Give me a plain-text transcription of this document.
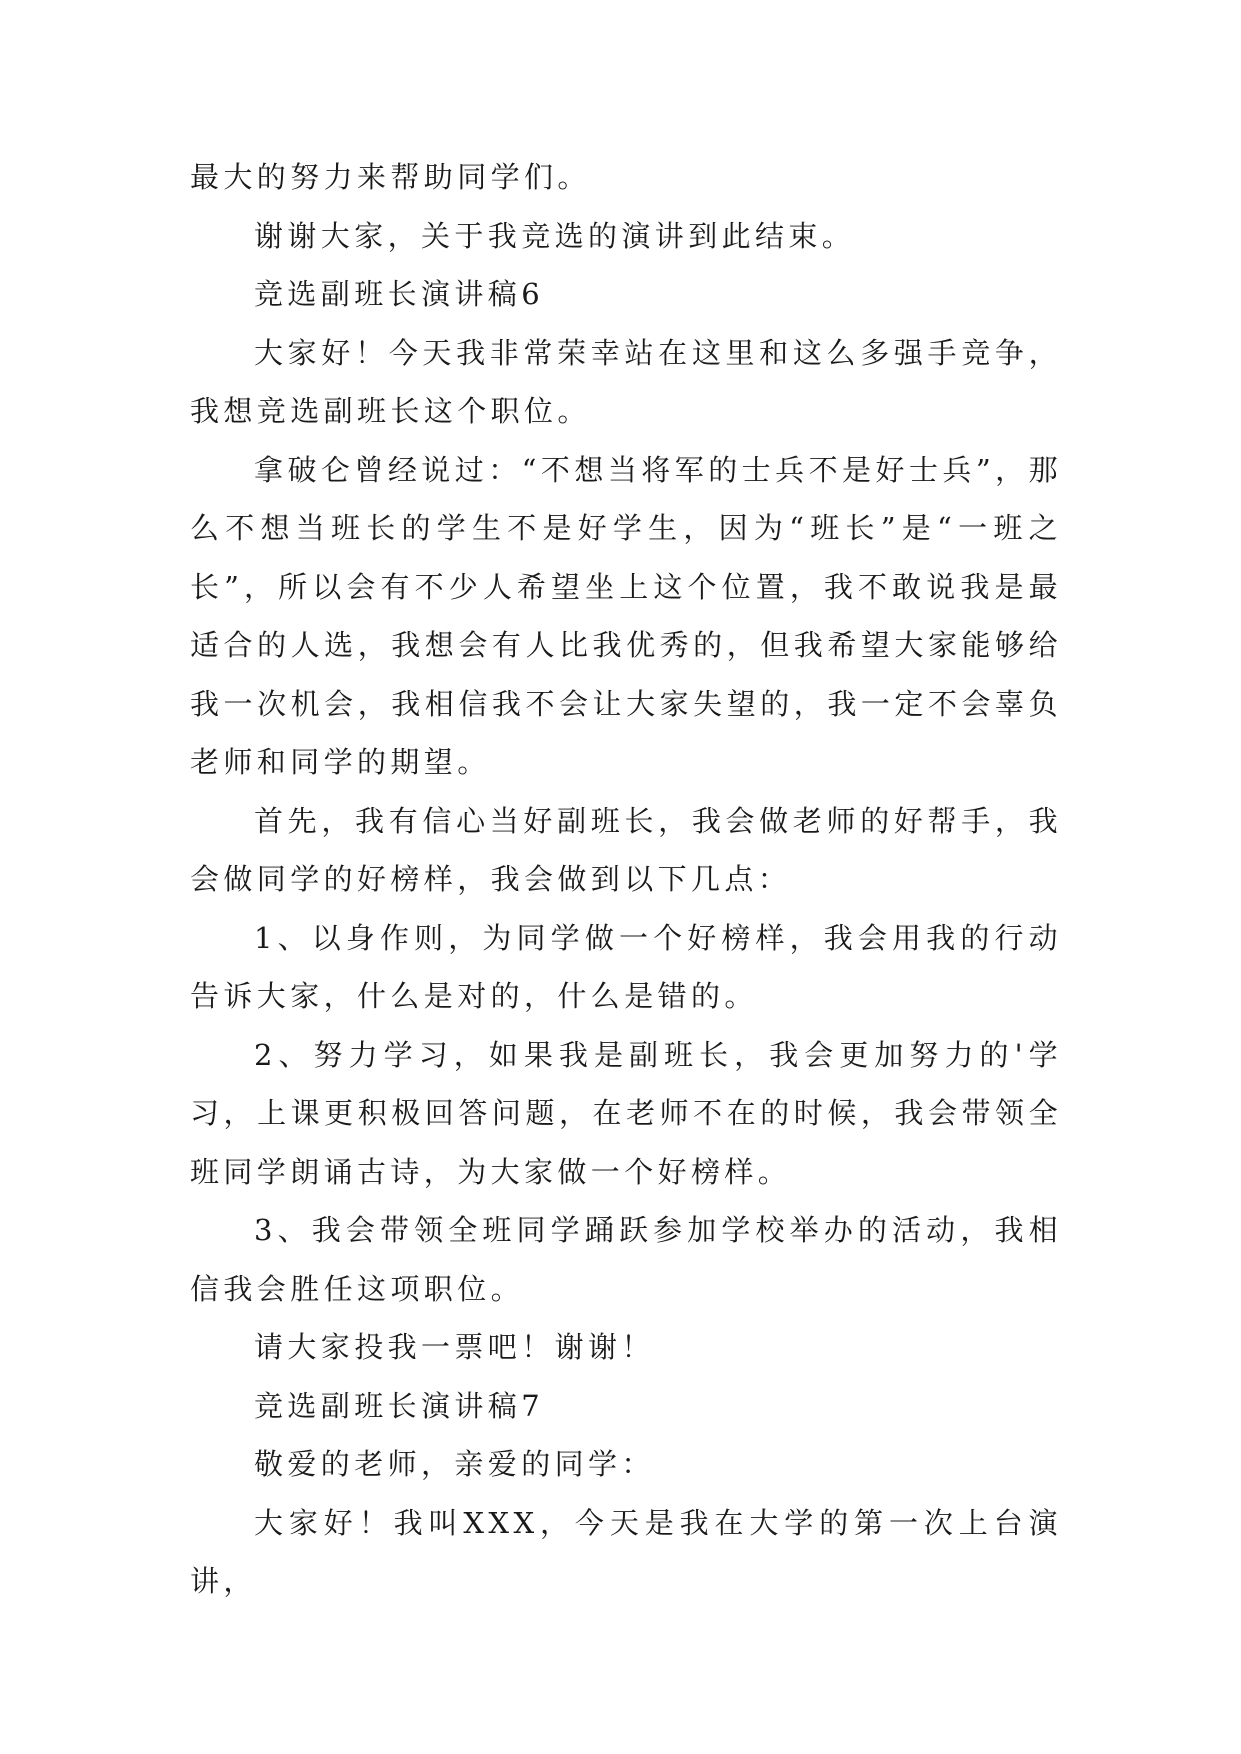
最大的努力来帮助同学们。

谢谢大家，关于我竞选的演讲到此结束。

竞选副班长演讲稿6

大家好！今天我非常荣幸站在这里和这么多强手竞争，我想竞选副班长这个职位。

拿破仑曾经说过：“不想当将军的士兵不是好士兵”，那么不想当班长的学生不是好学生，因为“班长”是“一班之长”，所以会有不少人希望坐上这个位置，我不敢说我是最适合的人选，我想会有人比我优秀的，但我希望大家能够给我一次机会，我相信我不会让大家失望的，我一定不会辜负老师和同学的期望。

首先，我有信心当好副班长，我会做老师的好帮手，我会做同学的好榜样，我会做到以下几点：

1、以身作则，为同学做一个好榜样，我会用我的行动告诉大家，什么是对的，什么是错的。

2、努力学习，如果我是副班长，我会更加努力的'学习，上课更积极回答问题，在老师不在的时候，我会带领全班同学朗诵古诗，为大家做一个好榜样。

3、我会带领全班同学踊跃参加学校举办的活动，我相信我会胜任这项职位。

请大家投我一票吧！谢谢！

竞选副班长演讲稿7

敬爱的老师，亲爱的同学：

大家好！我叫XXX，今天是我在大学的第一次上台演讲，
